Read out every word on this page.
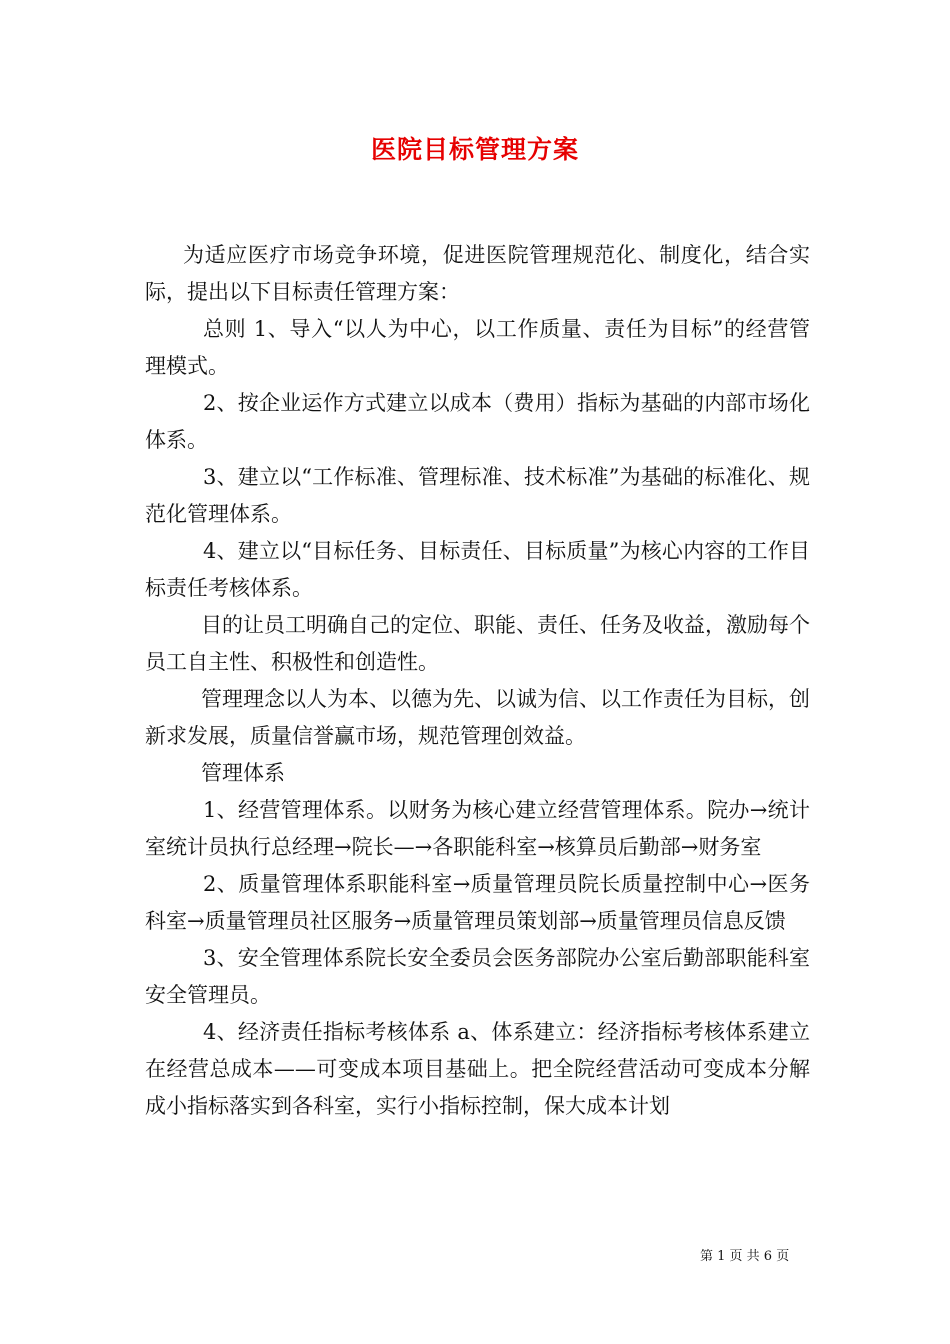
医院目标管理方案

为适应医疗市场竞争环境，促进医院管理规范化、制度化，结合实际，提出以下目标责任管理方案：

总则 1、导入“以人为中心，以工作质量、责任为目标”的经营管理模式。

2、按企业运作方式建立以成本（费用）指标为基础的内部市场化体系。

3、建立以“工作标准、管理标准、技术标准”为基础的标准化、规范化管理体系。

4、建立以“目标任务、目标责任、目标质量”为核心内容的工作目标责任考核体系。

目的让员工明确自己的定位、职能、责任、任务及收益，激励每个员工自主性、积极性和创造性。

管理理念以人为本、以德为先、以诚为信、以工作责任为目标，创新求发展，质量信誉赢市场，规范管理创效益。

管理体系

1、经营管理体系。以财务为核心建立经营管理体系。院办→统计室统计员执行总经理→院长—→各职能科室→核算员后勤部→财务室

2、质量管理体系职能科室→质量管理员院长质量控制中心→医务科室→质量管理员社区服务→质量管理员策划部→质量管理员信息反馈

3、安全管理体系院长安全委员会医务部院办公室后勤部职能科室安全管理员。

4、经济责任指标考核体系 a、体系建立：经济指标考核体系建立在经营总成本——可变成本项目基础上。把全院经营活动可变成本分解成小指标落实到各科室，实行小指标控制，保大成本计划

第 1 页 共 6 页
